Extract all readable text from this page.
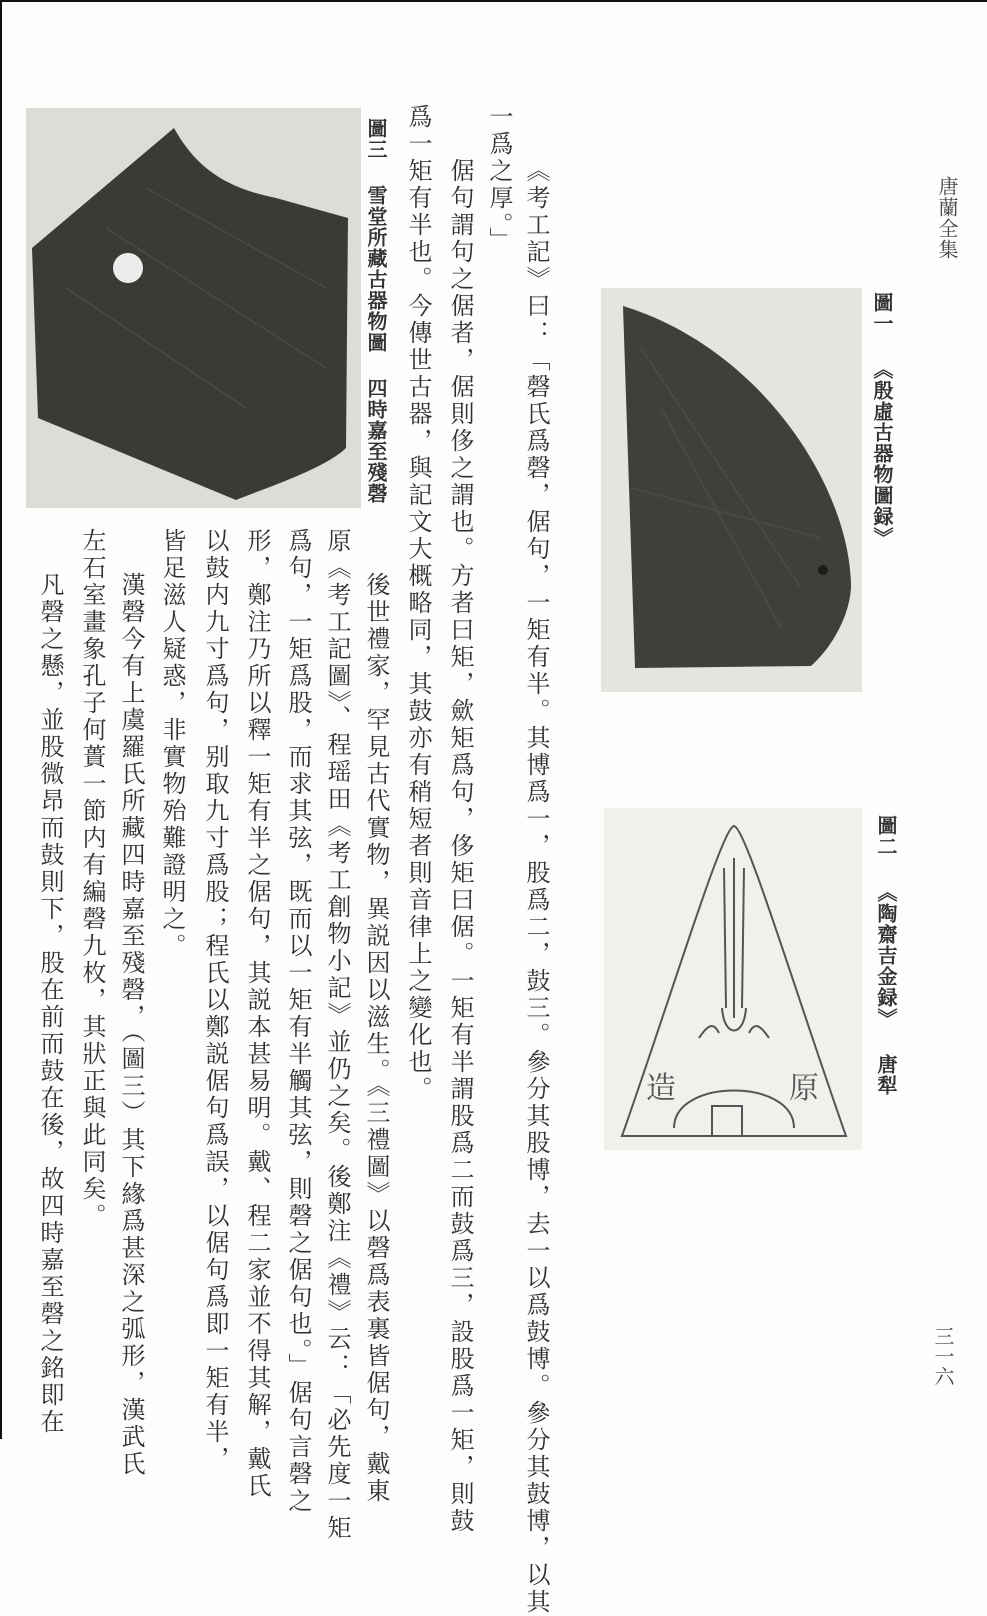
唐蘭全集
三一六
圖一 《殷虛古器物圖録》
造	原	圖二 《陶齋吉金録》 唐犁
圖三 雪堂所藏古器物圖 四時嘉至殘磬	《考工記》曰：「磬氏爲磬，倨句，一矩有半。其博爲一，股爲二，鼓三。參分其股博，去一以爲鼓博。參分其鼓博，以其
一爲之厚。」
倨句謂句之倨者，倨則侈之謂也。方者曰矩，歛矩爲句，侈矩曰倨。一矩有半謂股爲二而鼓爲三，設股爲一矩，則鼓
爲一矩有半也。今傳世古器，與記文大概略同，其鼓亦有稍短者則音律上之變化也。
後世禮家，罕見古代實物，異説因以滋生。《三禮圖》以磬爲表裏皆倨句，戴東
原《考工記圖》、程瑶田《考工創物小記》並仍之矣。後鄭注《禮》云：「必先度一矩
爲句，一矩爲股，而求其弦，既而以一矩有半觸其弦，則磬之倨句也。」倨句言磬之
形，鄭注乃所以釋一矩有半之倨句，其説本甚易明。戴、程二家並不得其解，戴氏
以鼓内九寸爲句，别取九寸爲股；程氏以鄭説倨句爲誤，以倨句爲即一矩有半，
皆足滋人疑惑，非實物殆難證明之。
漢磬今有上虞羅氏所藏四時嘉至殘磬，（圖三）其下緣爲甚深之弧形，漢武氏
左石室畫象孔子何蕢一節内有編磬九枚，其狀正與此同矣。
凡磬之懸，並股微昂而鼓則下，股在前而鼓在後，故四時嘉至磬之銘即在
